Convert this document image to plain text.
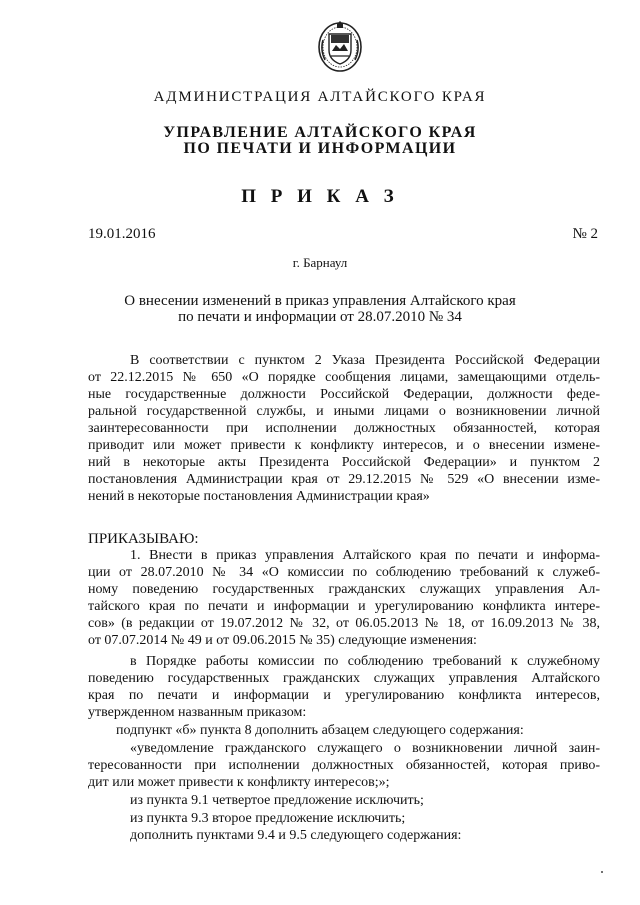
АДМИНИСТРАЦИЯ АЛТАЙСКОГО КРАЯ
УПРАВЛЕНИЕ АЛТАЙСКОГО КРАЯ
ПО ПЕЧАТИ И ИНФОРМАЦИИ
П Р И К А З
19.01.2016	№ 2
г. Барнаул
О внесении изменений в приказ управления Алтайского края
по печати и информации от 28.07.2010 № 34
В соответствии с пунктом 2 Указа Президента Российской Федерации
от 22.12.2015 № 650 «О порядке сообщения лицами, замещающими отдель-
ные государственные должности Российской Федерации, должности феде-
ральной государственной службы, и иными лицами о возникновении личной
заинтересованности при исполнении должностных обязанностей, которая
приводит или может привести к конфликту интересов, и о внесении измене-
ний в некоторые акты Президента Российской Федерации» и пунктом 2
постановления Администрации края от 29.12.2015 № 529 «О внесении изме-
нений в некоторые постановления Администрации края»
ПРИКАЗЫВАЮ:
1. Внести в приказ управления Алтайского края по печати и информа-
ции от 28.07.2010 № 34 «О комиссии по соблюдению требований к служеб-
ному поведению государственных гражданских служащих управления Ал-
тайского края по печати и информации и урегулированию конфликта интере-
сов» (в редакции от 19.07.2012 № 32, от 06.05.2013 № 18, от 16.09.2013 № 38,
от 07.07.2014 № 49 и от 09.06.2015 № 35) следующие изменения:
в Порядке работы комиссии по соблюдению требований к служебному
поведению государственных гражданских служащих управления Алтайского
края по печати и информации и урегулированию конфликта интересов,
утвержденном названным приказом:
подпункт «б» пункта 8 дополнить абзацем следующего содержания:
«уведомление гражданского служащего о возникновении личной заин-
тересованности при исполнении должностных обязанностей, которая приво-
дит или может привести к конфликту интересов;»;
из пункта 9.1 четвертое предложение исключить;
из пункта 9.3 второе предложение исключить;
дополнить пунктами 9.4 и 9.5 следующего содержания:
